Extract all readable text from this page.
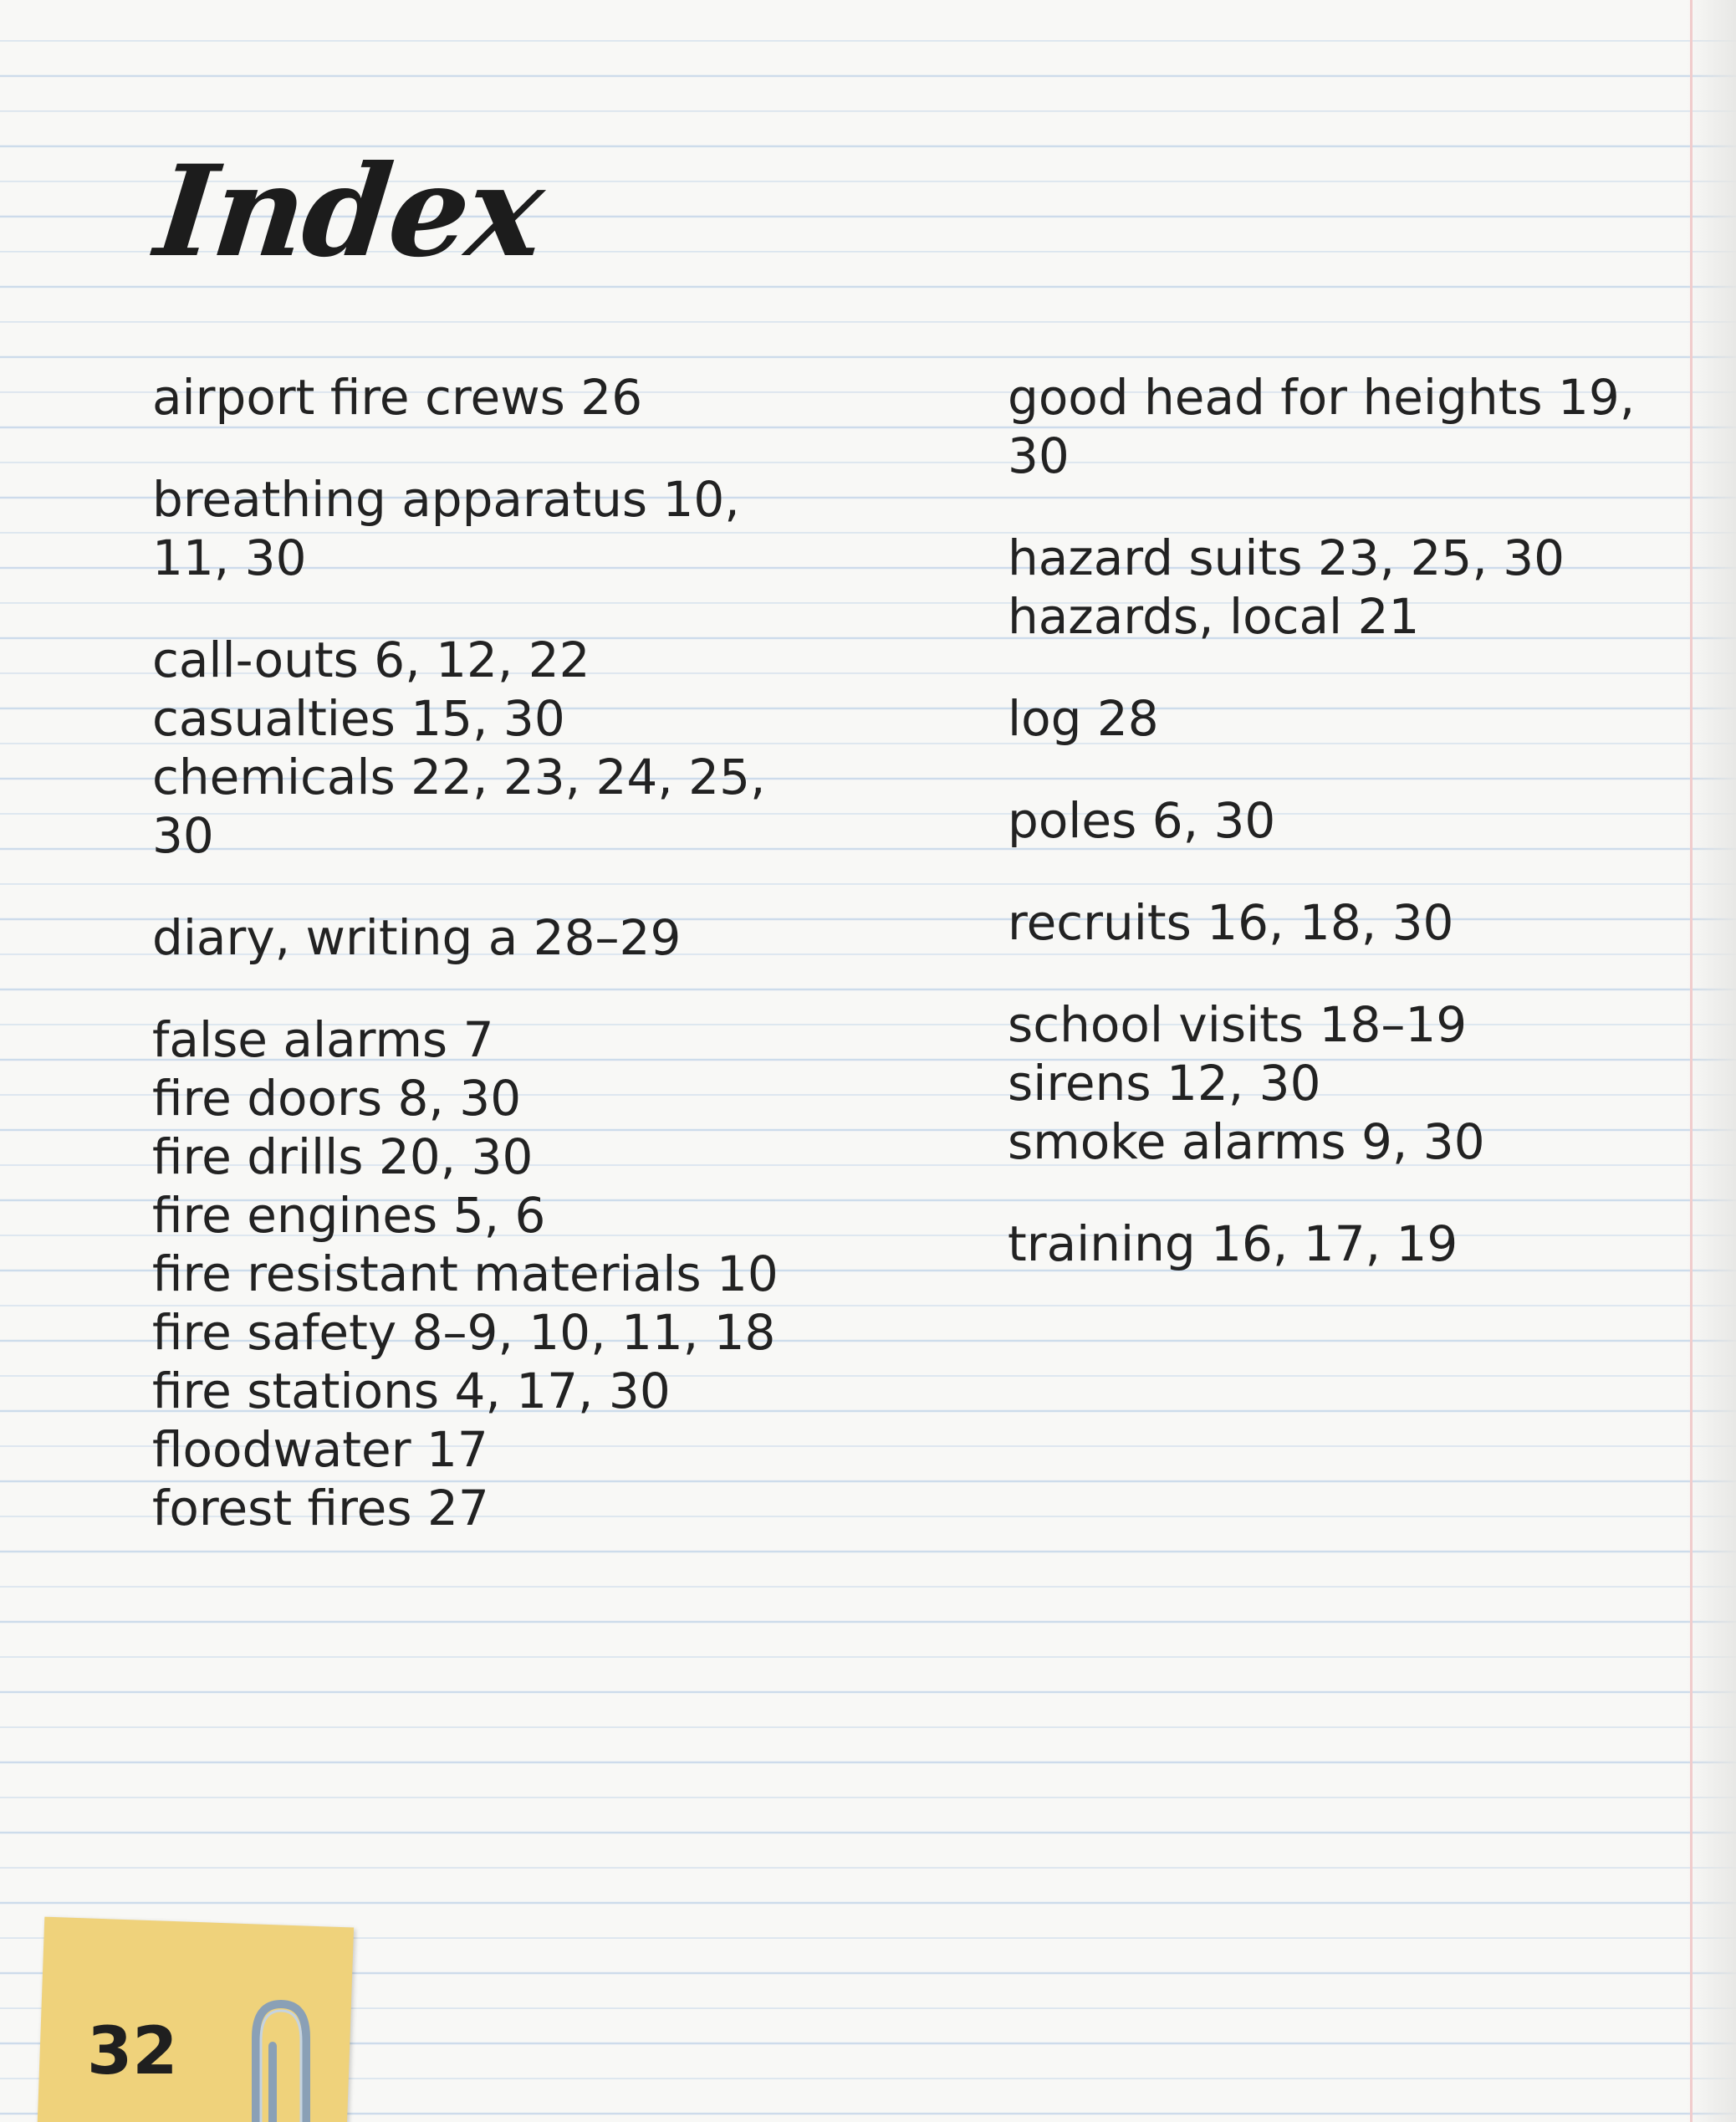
Index

airport fire crews 26

breathing apparatus 10,

11, 30

call-outs 6, 12, 22

casualties 15, 30

chemicals 22, 23, 24, 25,

30

diary, writing a 28–29

false alarms 7

fire doors 8, 30

fire drills 20, 30

fire engines 5, 6

fire resistant materials 10

fire safety 8–9, 10, 11, 18

fire stations 4, 17, 30

floodwater 17

forest fires 27

good head for heights 19,

30

hazard suits 23, 25, 30

hazards, local 21

log 28

poles 6, 30

recruits 16, 18, 30

school visits 18–19

sirens 12, 30

smoke alarms 9, 30

training 16, 17, 19

32
